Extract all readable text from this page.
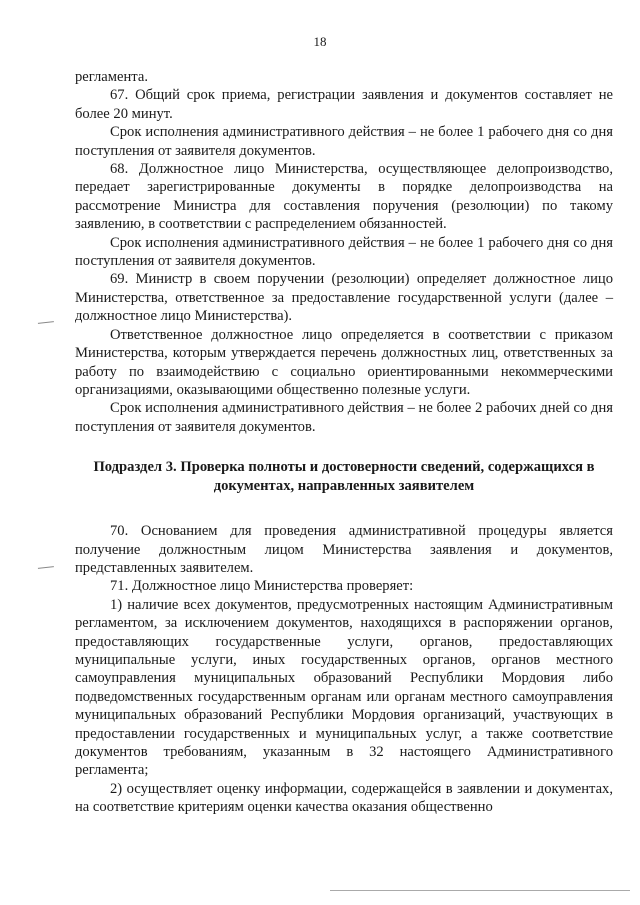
18

регламента.

67. Общий срок приема, регистрации заявления и документов составляет не более 20 минут.

Срок исполнения административного действия – не более 1 рабочего дня со дня поступления от заявителя документов.

68. Должностное лицо Министерства, осуществляющее делопроизводство, передает зарегистрированные документы в порядке делопроизводства на рассмотрение Министра для составления поручения (резолюции) по такому заявлению, в соответствии с распределением обязанностей.

Срок исполнения административного действия – не более 1 рабочего дня со дня поступления от заявителя документов.

69. Министр в своем поручении (резолюции) определяет должностное лицо Министерства, ответственное за предоставление государственной услуги (далее – должностное лицо Министерства).

Ответственное должностное лицо определяется в соответствии с приказом Министерства, которым утверждается перечень должностных лиц, ответственных за работу по взаимодействию с социально ориентированными некоммерческими организациями, оказывающими общественно полезные услуги.

Срок исполнения административного действия – не более 2 рабочих дней со дня поступления от заявителя документов.

Подраздел 3. Проверка полноты и достоверности сведений, содержащихся в документах, направленных заявителем

70. Основанием для проведения административной процедуры является получение должностным лицом Министерства заявления и документов, представленных заявителем.

71. Должностное лицо Министерства проверяет:

1) наличие всех документов, предусмотренных настоящим Административным регламентом, за исключением документов, находящихся в распоряжении органов, предоставляющих государственные услуги, органов, предоставляющих муниципальные услуги, иных государственных органов, органов местного самоуправления муниципальных образований Республики Мордовия либо подведомственных государственным органам или органам местного самоуправления муниципальных образований Республики Мордовия организаций, участвующих в предоставлении государственных и муниципальных услуг, а также соответствие документов требованиям, указанным в 32 настоящего Административного регламента;

2) осуществляет оценку информации, содержащейся в заявлении и документах, на соответствие критериям оценки качества оказания общественно
